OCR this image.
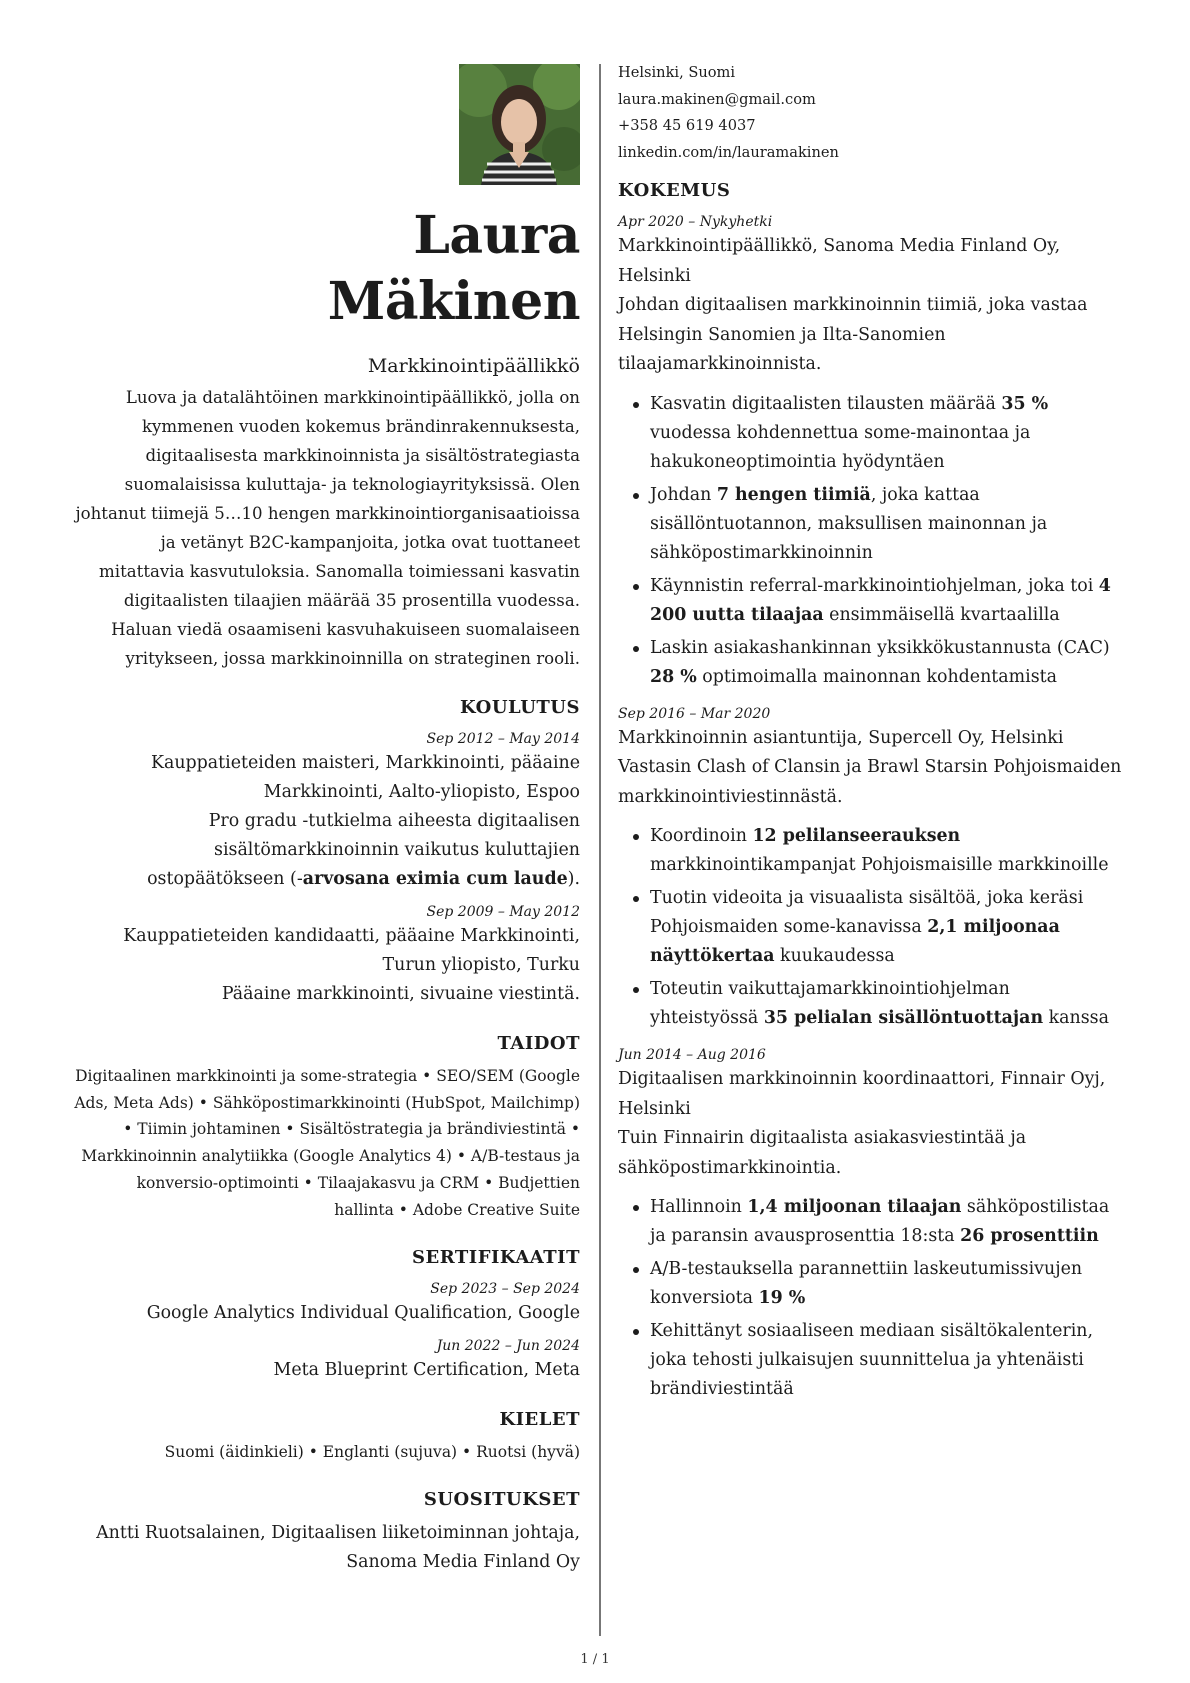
Laura
Mäkinen
Markkinointipäällikkö
Luova ja datalähtöinen markkinointipäällikkö, jolla on kymmenen vuoden kokemus brändinrakennuksesta, digitaalisesta markkinoinnista ja sisältöstrategiasta suomalaisissa kuluttaja- ja teknologiayrityksissä. Olen johtanut tiimejä 5…10 hengen markkinointiorganisaatioissa ja vetänyt B2C-kampanjoita, jotka ovat tuottaneet mitattavia kasvutuloksia. Sanomalla toimiessani kasvatin digitaalisten tilaajien määrää 35 prosentilla vuodessa. Haluan viedä osaamiseni kasvuhakuiseen suomalaiseen yritykseen, jossa markkinoinnilla on strateginen rooli.
KOULUTUS
Sep 2012 – May 2014
Kauppatieteiden maisteri, Markkinointi, pääaine Markkinointi, Aalto-yliopisto, Espoo
Pro gradu -tutkielma aiheesta digitaalisen sisältömarkkinoinnin vaikutus kuluttajien ostopäätökseen (-arvosana eximia cum laude).
Sep 2009 – May 2012
Kauppatieteiden kandidaatti, pääaine Markkinointi, Turun yliopisto, Turku
Pääaine markkinointi, sivuaine viestintä.
TAIDOT
Digitaalinen markkinointi ja some-strategia • SEO/SEM (Google Ads, Meta Ads) • Sähköpostimarkkinointi (HubSpot, Mailchimp) • Tiimin johtaminen • Sisältöstrategia ja brändiviestintä • Markkinoinnin analytiikka (Google Analytics 4) • A/B-testaus ja konversio-optimointi • Tilaajakasvu ja CRM • Budjettien hallinta • Adobe Creative Suite
SERTIFIKAATIT
Sep 2023 – Sep 2024
Google Analytics Individual Qualification, Google
Jun 2022 – Jun 2024
Meta Blueprint Certification, Meta
KIELET
Suomi (äidinkieli) • Englanti (sujuva) • Ruotsi (hyvä)
SUOSITUKSET
Antti Ruotsalainen, Digitaalisen liiketoiminnan johtaja, Sanoma Media Finland Oy
Helsinki, Suomi
laura.makinen@gmail.com
+358 45 619 4037
linkedin.com/in/lauramakinen
KOKEMUS
Apr 2020 – Nykyhetki
Markkinointipäällikkö, Sanoma Media Finland Oy, Helsinki
Johdan digitaalisen markkinoinnin tiimiä, joka vastaa Helsingin Sanomien ja Ilta-Sanomien tilaajamarkkinoinnista.
Kasvatin digitaalisten tilausten määrää 35 % vuodessa kohdennettua some-mainontaa ja hakukoneoptimointia hyödyntäen
Johdan 7 hengen tiimiä, joka kattaa sisällöntuotannon, maksullisen mainonnan ja sähköpostimarkkinoinnin
Käynnistin referral-markkinointiohjelman, joka toi 4 200 uutta tilaajaa ensimmäisellä kvartaalilla
Laskin asiakashankinnan yksikkökustannusta (CAC) 28 % optimoimalla mainonnan kohdentamista
Sep 2016 – Mar 2020
Markkinoinnin asiantuntija, Supercell Oy, Helsinki
Vastasin Clash of Clansin ja Brawl Starsin Pohjoismaiden markkinointiviestinnästä.
Koordinoin 12 pelilanseerauksen markkinointikampanjat Pohjoismaisille markkinoille
Tuotin videoita ja visuaalista sisältöä, joka keräsi Pohjoismaiden some-kanavissa 2,1 miljoonaa näyttökertaa kuukaudessa
Toteutin vaikuttajamarkkinointiohjelman yhteistyössä 35 pelialan sisällöntuottajan kanssa
Jun 2014 – Aug 2016
Digitaalisen markkinoinnin koordinaattori, Finnair Oyj, Helsinki
Tuin Finnairin digitaalista asiakasviestintää ja sähköpostimarkkinointia.
Hallinnoin 1,4 miljoonan tilaajan sähköpostilistaa ja paransin avausprosenttia 18:sta 26 prosenttiin
A/B-testauksella parannettiin laskeutumissivujen konversiota 19 %
Kehittänyt sosiaaliseen mediaan sisältökalenterin, joka tehosti julkaisujen suunnittelua ja yhtenäisti brändiviestintää
1 / 1
